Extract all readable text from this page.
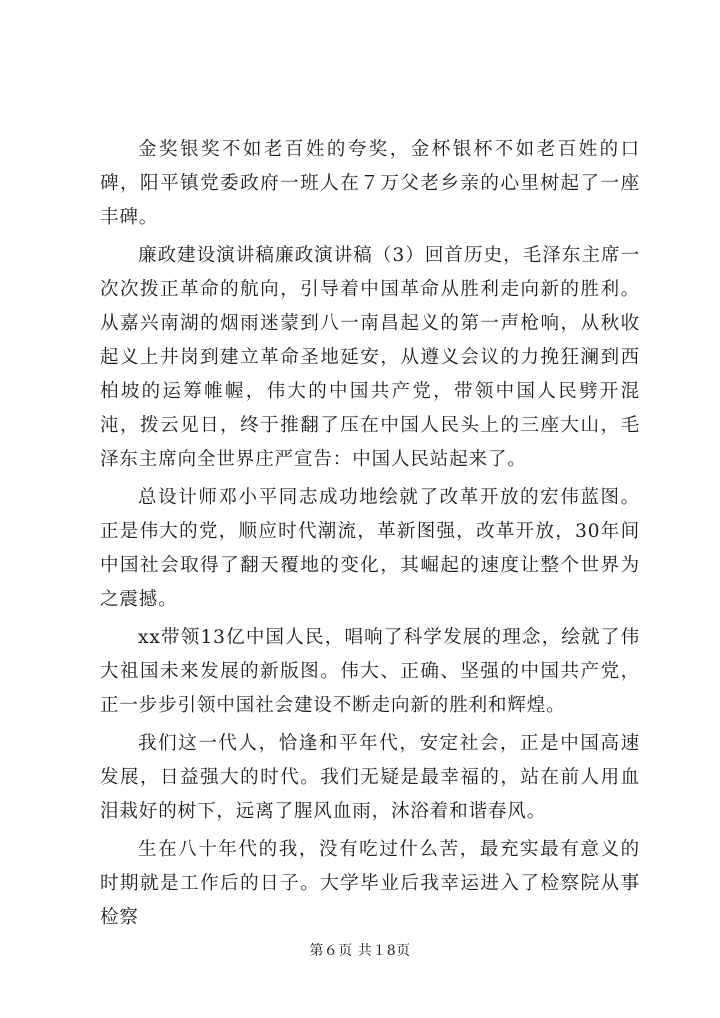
金奖银奖不如老百姓的夸奖，金杯银杯不如老百姓的口碑，阳平镇党委政府一班人在７万父老乡亲的心里树起了一座丰碑。

廉政建设演讲稿廉政演讲稿（3）回首历史，毛泽东主席一次次拨正革命的航向，引导着中国革命从胜利走向新的胜利。从嘉兴南湖的烟雨迷蒙到八一南昌起义的第一声枪响，从秋收起义上井岗到建立革命圣地延安，从遵义会议的力挽狂澜到西柏坡的运筹帷幄，伟大的中国共产党，带领中国人民劈开混沌，拨云见日，终于推翻了压在中国人民头上的三座大山，毛泽东主席向全世界庄严宣告：中国人民站起来了。

总设计师邓小平同志成功地绘就了改革开放的宏伟蓝图。正是伟大的党，顺应时代潮流，革新图强，改革开放，30年间中国社会取得了翻天覆地的变化，其崛起的速度让整个世界为之震撼。

xx带领13亿中国人民，唱响了科学发展的理念，绘就了伟大祖国未来发展的新版图。伟大、正确、坚强的中国共产党，正一步步引领中国社会建设不断走向新的胜利和辉煌。

我们这一代人，恰逢和平年代，安定社会，正是中国高速发展，日益强大的时代。我们无疑是最幸福的，站在前人用血泪栽好的树下，远离了腥风血雨，沐浴着和谐春风。

生在八十年代的我，没有吃过什么苦，最充实最有意义的时期就是工作后的日子。大学毕业后我幸运进入了检察院从事检察

第６页 共１8页
